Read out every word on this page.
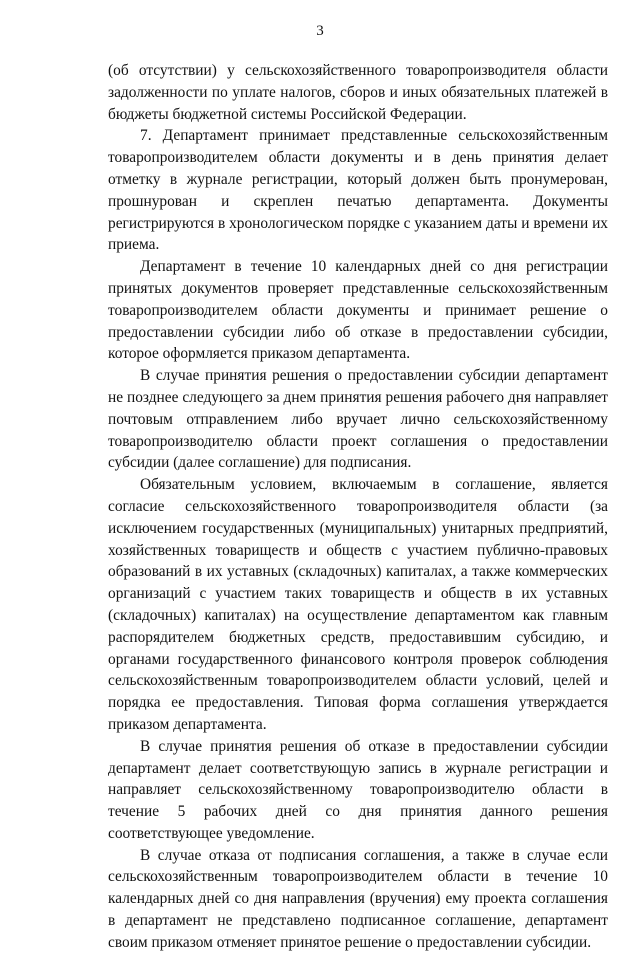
3

(об отсутствии) у сельскохозяйственного товаропроизводителя области задолженности по уплате налогов, сборов и иных обязательных платежей в бюджеты бюджетной системы Российской Федерации.

7. Департамент принимает представленные сельскохозяйственным товаропроизводителем области документы и в день принятия делает отметку в журнале регистрации, который должен быть пронумерован, прошнурован и скреплен печатью департамента. Документы регистрируются в хронологическом порядке с указанием даты и времени их приема.

Департамент в течение 10 календарных дней со дня регистрации принятых документов проверяет представленные сельскохозяйственным товаропроизводителем области документы и принимает решение о предоставлении субсидии либо об отказе в предоставлении субсидии, которое оформляется приказом департамента.

В случае принятия решения о предоставлении субсидии департамент не позднее следующего за днем принятия решения рабочего дня направляет почтовым отправлением либо вручает лично сельскохозяйственному товаропроизводителю области проект соглашения о предоставлении субсидии (далее соглашение) для подписания.

Обязательным условием, включаемым в соглашение, является согласие сельскохозяйственного товаропроизводителя области (за исключением государственных (муниципальных) унитарных предприятий, хозяйственных товариществ и обществ с участием публично-правовых образований в их уставных (складочных) капиталах, а также коммерческих организаций с участием таких товариществ и обществ в их уставных (складочных) капиталах) на осуществление департаментом как главным распорядителем бюджетных средств, предоставившим субсидию, и органами государственного финансового контроля проверок соблюдения сельскохозяйственным товаропроизводителем области условий, целей и порядка ее предоставления. Типовая форма соглашения утверждается приказом департамента.

В случае принятия решения об отказе в предоставлении субсидии департамент делает соответствующую запись в журнале регистрации и направляет сельскохозяйственному товаропроизводителю области в течение 5 рабочих дней со дня принятия данного решения соответствующее уведомление.

В случае отказа от подписания соглашения, а также в случае если сельскохозяйственным товаропроизводителем области в течение 10 календарных дней со дня направления (вручения) ему проекта соглашения в департамент не представлено подписанное соглашение, департамент своим приказом отменяет принятое решение о предоставлении субсидии.
